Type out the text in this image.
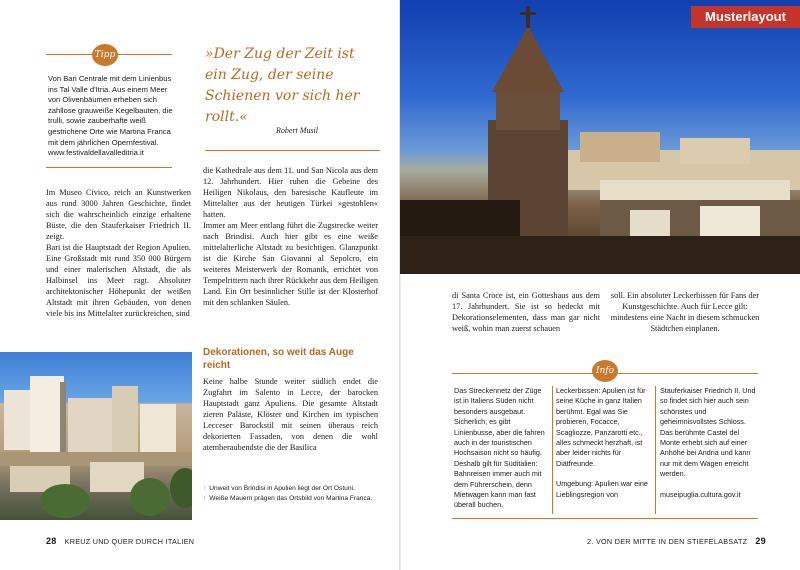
Tipp

Von Bari Centrale mit dem Linienbus ins Tal Valle d'Itria. Aus einem Meer von Olivenbäumen erheben sich zahllose grauweiße Kegelbauten, die trulli, sowie zauberhafte weiß gestrichene Orte wie Martina Franca mit dem jährlichen Opernfestival. www.festivaldellavalleditria.it

»Der Zug der Zeit ist ein Zug, der seine Schienen vor sich her rollt.«

Robert Musil

Im Museo Civico, reich an Kunstwerken aus rund 3000 Jahren Geschichte, findet sich die wahrscheinlich einzige erhaltene Büste, die den Stauferkaiser Friedrich II. zeigt.

Bari ist die Hauptstadt der Region Apulien. Eine Großstadt mit rund 350 000 Bürgern und einer malerischen Altstadt, die als Halbinsel ins Meer ragt. Absoluter architektonischer Höhepunkt der weißen Altstadt mit ihren Gebäuden, von denen viele bis ins Mittelalter zurückreichen, sind

die Kathedrale aus dem 11. und San Nicola aus dem 12. Jahrhundert. Hier ruhen die Gebeine des Heiligen Nikolaus, den baresische Kaufleute im Mittelalter aus der heutigen Türkei »gestohlen« hatten.

Immer am Meer entlang führt die Zugstrecke weiter nach Brindisi. Auch hier gibt es eine weiße mittelalterliche Altstadt zu besichtigen. Glanzpunkt ist die Kirche San Giovanni al Sepolcro, ein weiteres Meisterwerk der Romanik, errichtet von Tempelrittern nach ihrer Rückkehr aus dem Heiligen Land. Ein Ort besinnlicher Stille ist der Klosterhof mit den schlanken Säulen.

Dekorationen, so weit das Auge reicht

Keine halbe Stunde weiter südlich endet die Zugfahrt im Salento in Lecce, der barocken Hauptstadt ganz Apuliens. Die gesamte Altstadt zieren Paläste, Klöster und Kirchen im typischen Lecceser Barockstil mit seinen überaus reich dekorierten Fassaden, von denen die wohl atemberaubendste die der Basilica

↑ Unweit von Brindisi in Apulien liegt der Ort Ostuni.

↑ Weiße Mauern prägen das Ortsbild von Martina Franca.

28 KREUZ UND QUER DURCH ITALIEN
Musterlayout

di Santa Croce ist, ein Gotteshaus aus dem 17. Jahrhundert. Sie ist so bedeckt mit Dekorationselementen, dass man gar nicht weiß, wohin man zuerst schauen

soll. Ein absoluter Leckerbissen für Fans der Kunstgeschichte. Auch für Lecce gilt: mindestens eine Nacht in diesem schmucken Städtchen einplanen.

Info

Das Streckennetz der Züge ist in Italiens Süden nicht besonders ausgebaut. Sicherlich, es gibt Linienbusse, aber die fahren auch in der touristischen Hochsaison nicht so häufig. Deshalb gilt für Süditalien: Bahnreisen immer auch mit dem Führerschein, denn Mietwagen kann man fast überall buchen.

Leckerbissen: Apulien ist für seine Küche in ganz Italien berühmt. Egal was Sie probieren, Focacce, Scagliozze, Panzarotti etc., alles schmeckt herzhaft, ist aber leider nichts für Diätfreunde.

Umgebung: Apulien war eine Lieblingsregion von

Stauferkaiser Friedrich II. Und so findet sich hier auch sein schönstes und geheimnisvollstes Schloss. Das berühmte Castel del Monte erhebt sich auf einer Anhöhe bei Andria und kann nur mit dem Wagen erreicht werden.

museipuglia.cultura.gov.it

2. VON DER MITTE IN DEN STIEFELABSATZ 29
